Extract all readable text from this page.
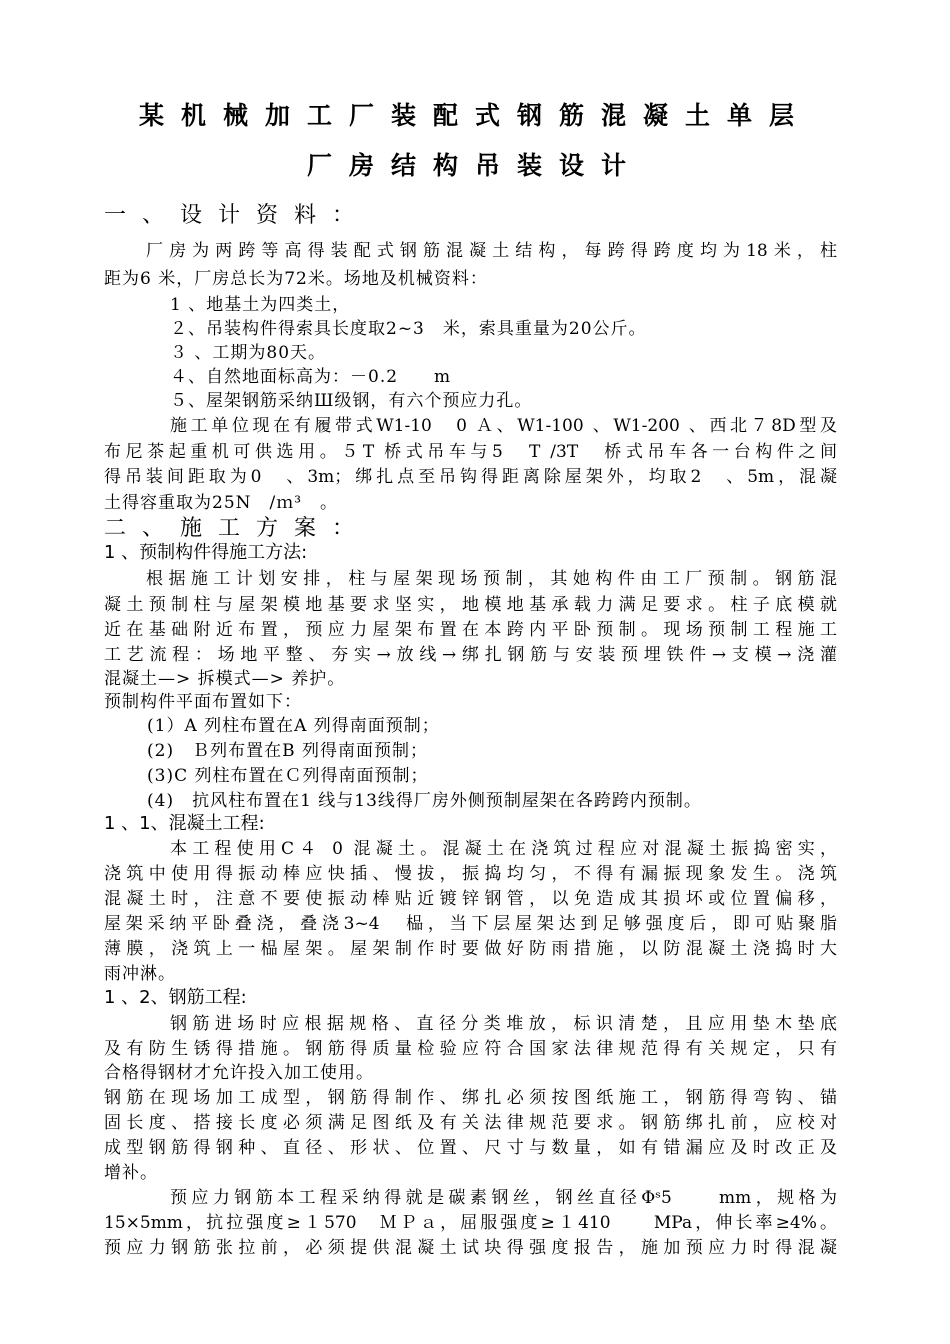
某机械加工厂装配式钢筋混凝土单层
厂房结构吊装设计
一、设计资料：
厂房为两跨等高得装配式钢筋混凝土结构，每跨得跨度均为18米，柱
距为6 米，厂房总长为72米。场地及机械资料：
1 、地基土为四类土，
２、吊装构件得索具长度取2~3　米，索具重量为20公斤。
３ 、工期为80天。
４、自然地面标高为：－0.2　　m
５、屋架钢筋采纳Ш级钢，有六个预应力孔。
施工单位现在有履带式W1-10　0 Ａ、W1-100 、W1-200 、西北７8D型及
布尼茶起重机可供选用。５T 桥式吊车与5　T /3T　桥式吊车各一台构件之间
得吊装间距取为0　、3m；绑扎点至吊钩得距离除屋架外，均取2　、5m，混凝
土得容重取为25N　/ｍ³　。
二、施工方案：
1 、预制构件得施工方法:
根据施工计划安排，柱与屋架现场预制，其她构件由工厂预制。钢筋混
凝土预制柱与屋架模地基要求坚实，地模地基承载力满足要求。柱子底模就
近在基础附近布置，预应力屋架布置在本跨内平卧预制。现场预制工程施工
工艺流程：场地平整、夯实→放线→绑扎钢筋与安装预埋铁件→支模→浇灌
混凝土—> 拆模式—> 养护。
预制构件平面布置如下：
(1）A 列柱布置在A 列得南面预制；
(2)　Ｂ列布置在B 列得南面预制；
(3)C 列柱布置在Ｃ列得南面预制；
(4)　抗风柱布置在1 线与13线得厂房外侧预制屋架在各跨跨内预制。
1 、1、混凝土工程:
本工程使用C４ 0 混凝土。混凝土在浇筑过程应对混凝土振捣密实，
浇筑中使用得振动棒应快插、慢拔，振捣均匀，不得有漏振现象发生。浇筑
混凝土时，注意不要使振动棒贴近镀锌钢管，以免造成其损坏或位置偏移，
屋架采纳平卧叠浇，叠浇3~4　榀，当下层屋架达到足够强度后，即可贴聚脂
薄膜，浇筑上一榀屋架。屋架制作时要做好防雨措施，以防混凝土浇捣时大
雨冲淋。
1 、2、钢筋工程:
钢筋进场时应根据规格、直径分类堆放，标识清楚，且应用垫木垫底
及有防生锈得措施。钢筋得质量检验应符合国家法律规范得有关规定，只有
合格得钢材才允许投入加工使用。
钢筋在现场加工成型，钢筋得制作、绑扎必须按图纸施工，钢筋得弯钩、锚
固长度、搭接长度必须满足图纸及有关法律规范要求。钢筋绑扎前，应校对
成型钢筋得钢种、直径、形状、位置、尺寸与数量，如有错漏应及时改正及
增补。
预应力钢筋本工程采纳得就是碳素钢丝，钢丝直径Φˢ5　　mm，规格为
15×5mm，抗拉强度≥１570　ＭＰａ，屈服强度≥１410　　MPa，伸长率≥4%。
预应力钢筋张拉前，必须提供混凝土试块得强度报告，施加预应力时得混凝
